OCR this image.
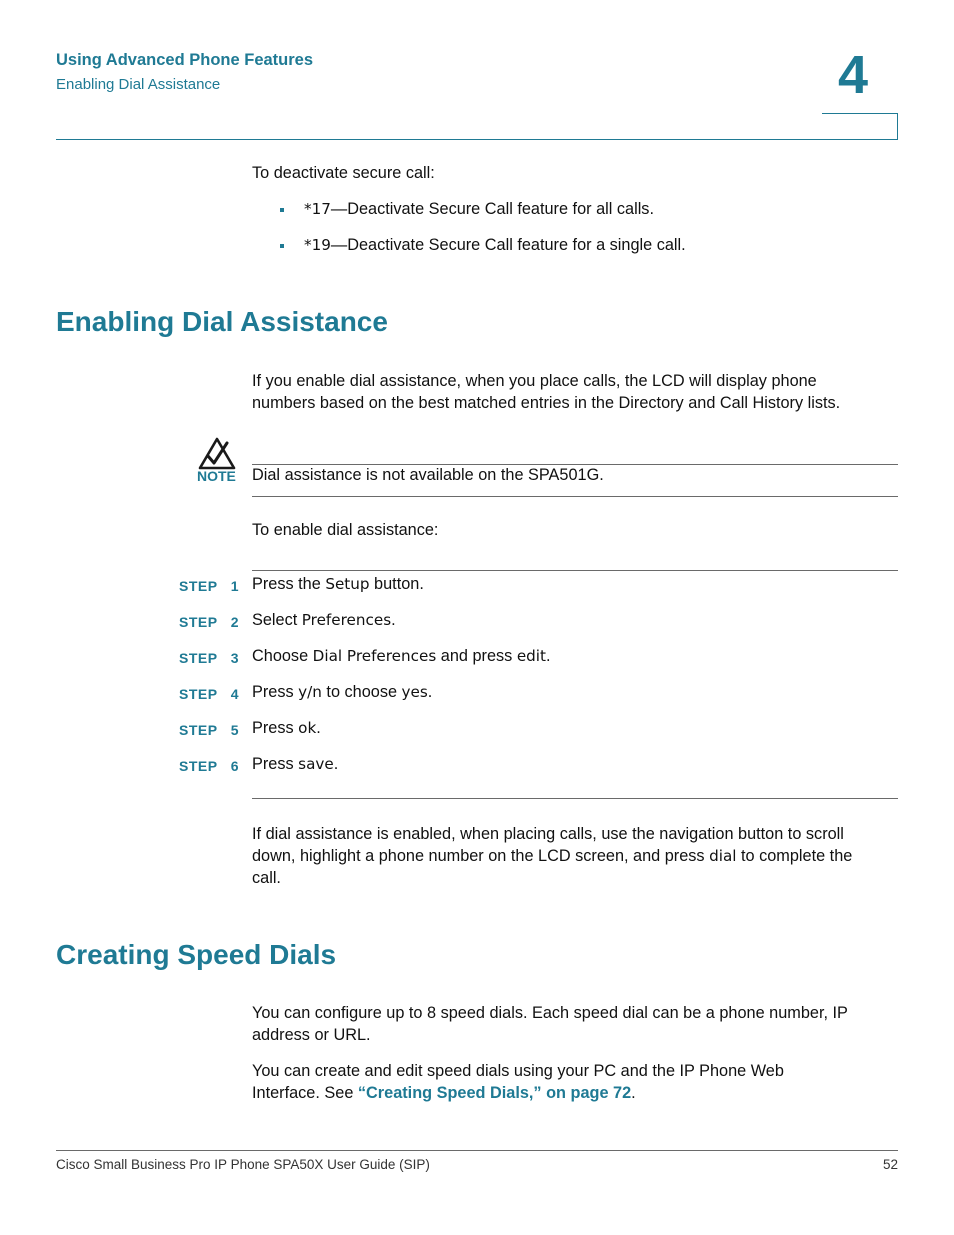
Using Advanced Phone Features
Enabling Dial Assistance	4
To deactivate secure call:
*17—Deactivate Secure Call feature for all calls.
*19—Deactivate Secure Call feature for a single call.
Enabling Dial Assistance
If you enable dial assistance, when you place calls, the LCD will display phone
numbers based on the best matched entries in the Directory and Call History lists.
NOTE Dial assistance is not available on the SPA501G.
To enable dial assistance:
STEP 1 Press the Setup button.
STEP 2 Select Preferences.
STEP 3 Choose Dial Preferences and press edit.
STEP 4 Press y/n to choose yes.
STEP 5 Press ok.
STEP 6 Press save.
If dial assistance is enabled, when placing calls, use the navigation button to scroll
down, highlight a phone number on the LCD screen, and press dial to complete the
call.
Creating Speed Dials
You can configure up to 8 speed dials. Each speed dial can be a phone number, IP
address or URL.
You can create and edit speed dials using your PC and the IP Phone Web
Interface. See “Creating Speed Dials,” on page 72.
Cisco Small Business Pro IP Phone SPA50X User Guide (SIP)	52
